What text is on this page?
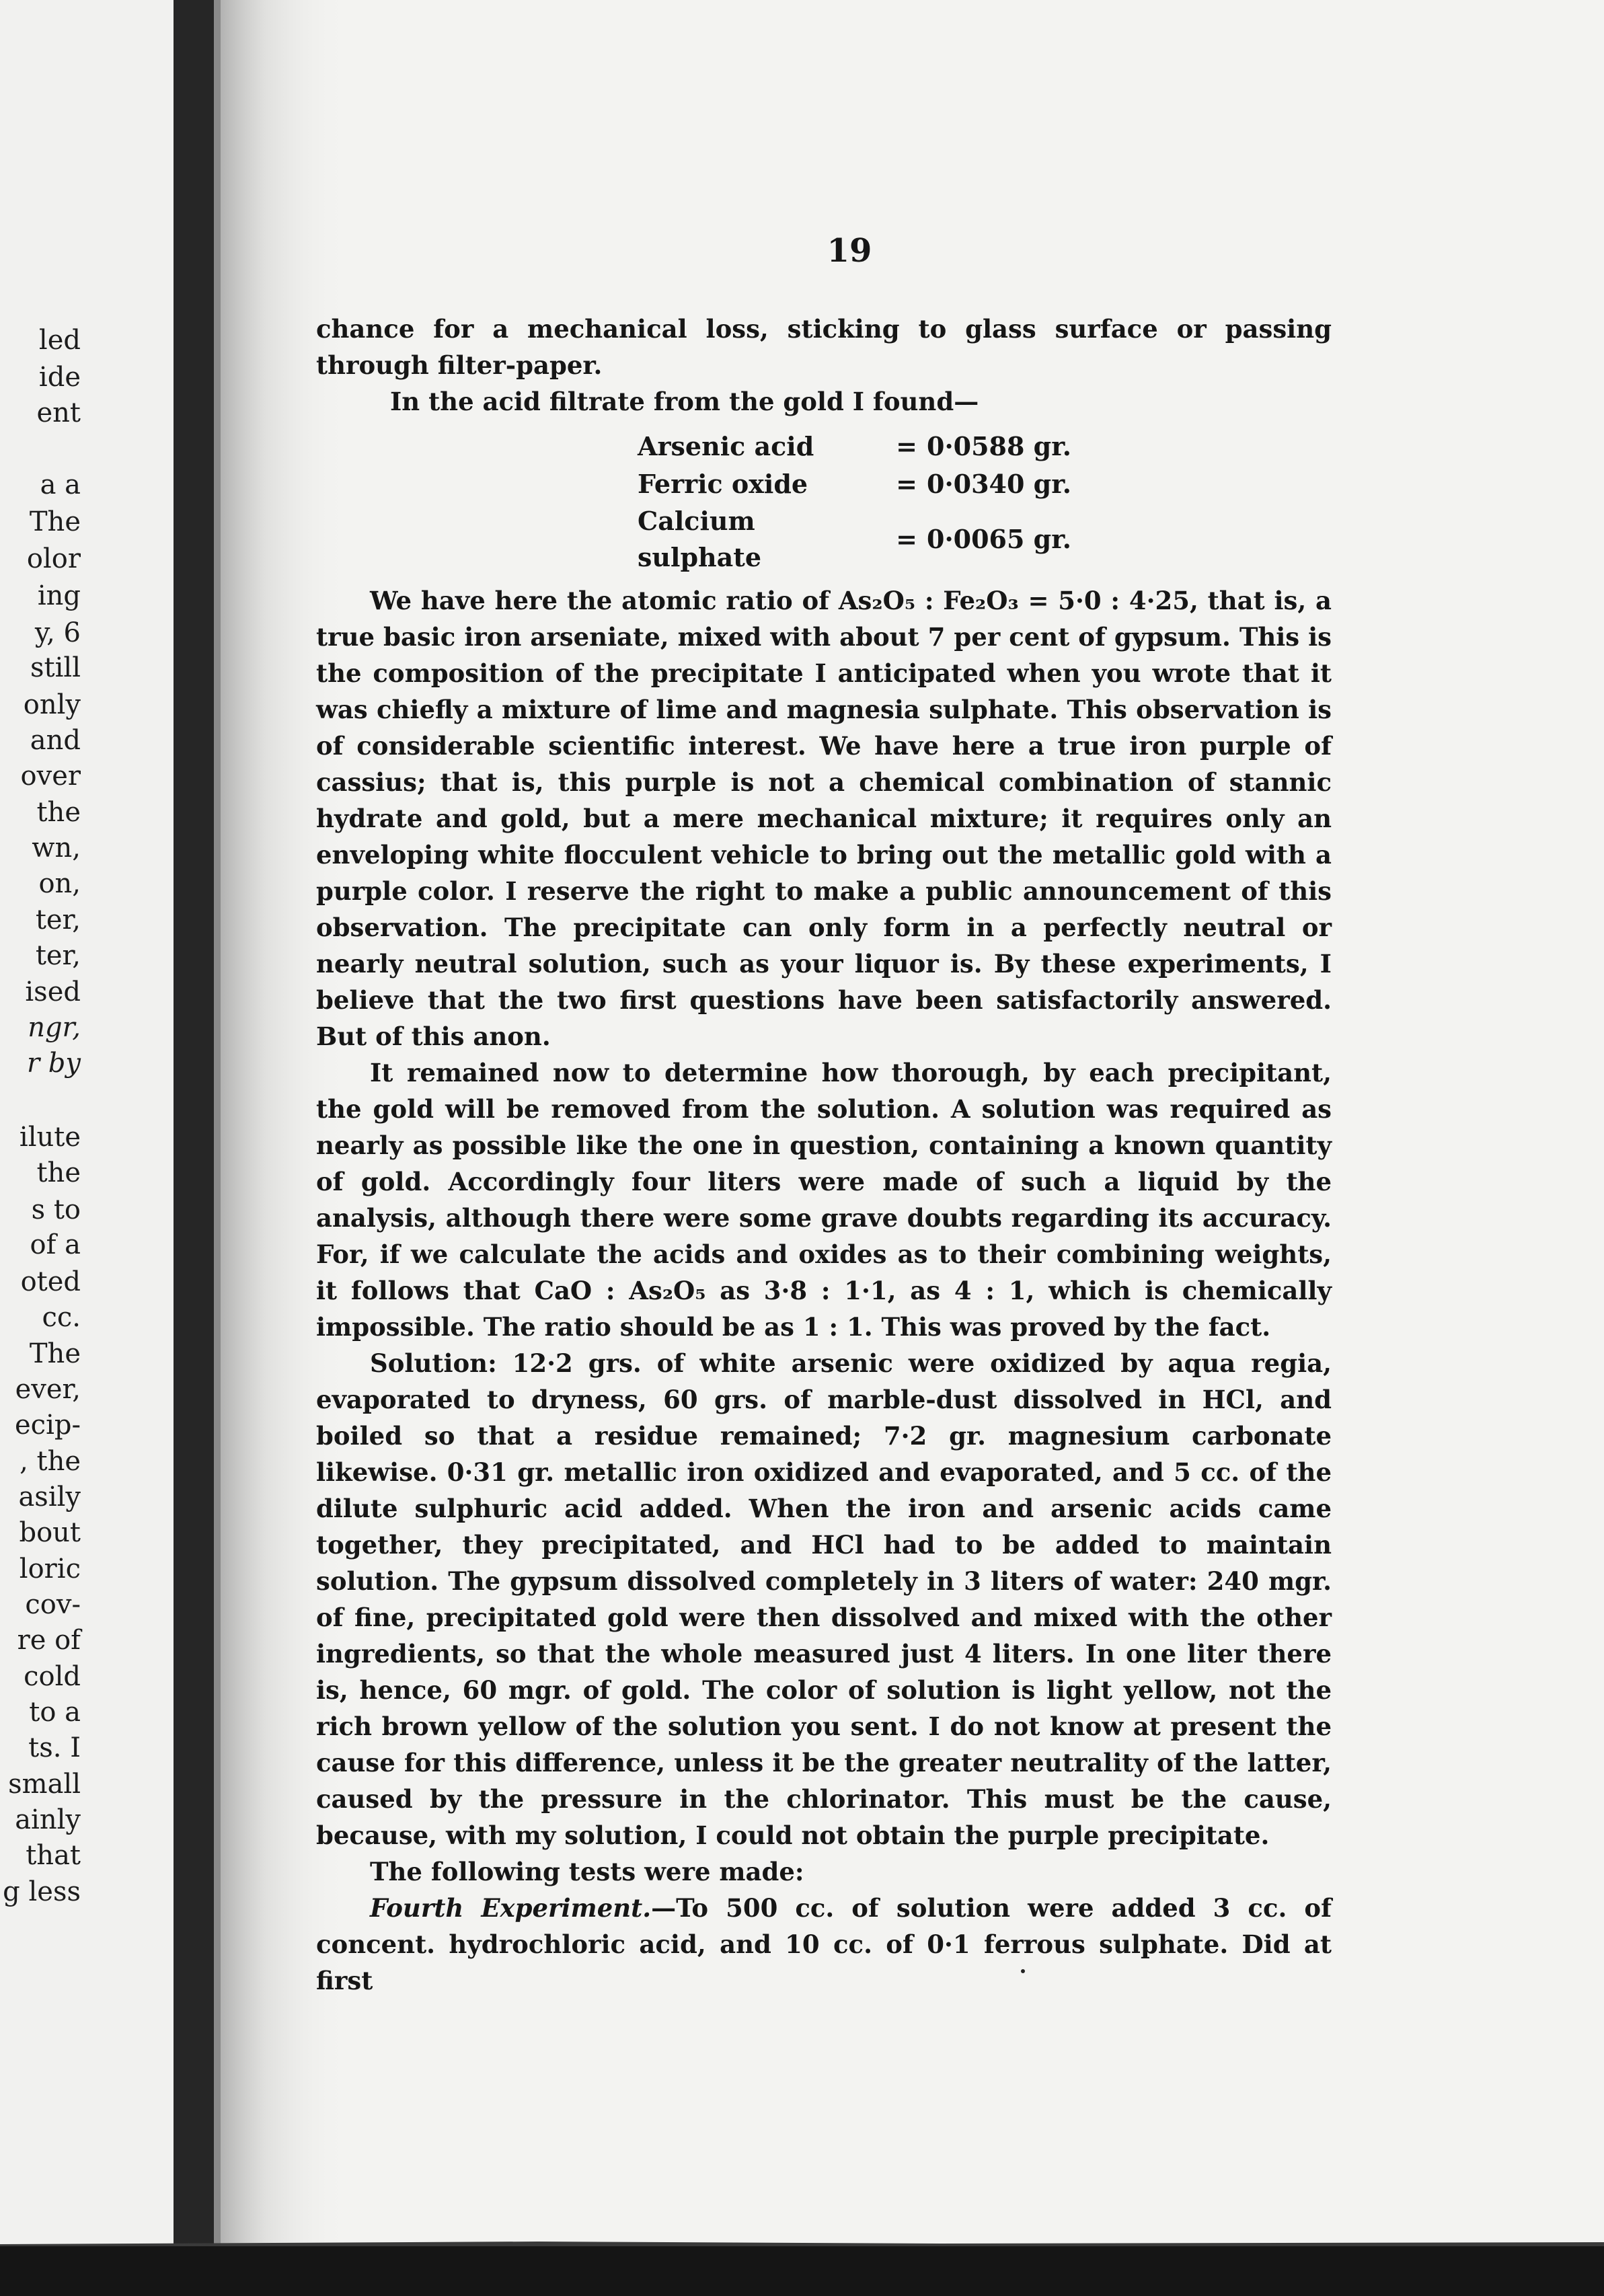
led
ide
ent
a a
The
olor
ing
y, 6
still
only
and
over
the
wn,
on,
ter,
ter,
ised
ngr,
r by
ilute
the
s to
of a
oted
cc.
The
ever,
ecip-
, the
asily
bout
loric
cov-
re of
cold
to a
ts. I
small
ainly
that
g less
19

chance for a mechanical loss, sticking to glass surface or passing through filter-paper.

In the acid filtrate from the gold I found—

Arsenic acid	=	0·0588 gr.
Ferric oxide	=	0·0340 gr.
Calcium sulphate	=	0·0065 gr.

We have here the atomic ratio of As₂O₅ : Fe₂O₃ = 5·0 : 4·25, that is, a true basic iron arseniate, mixed with about 7 per cent of gypsum. This is the composition of the precipitate I anticipated when you wrote that it was chiefly a mixture of lime and magnesia sulphate. This observation is of considerable scientific interest. We have here a true iron purple of cassius; that is, this purple is not a chemical combination of stannic hydrate and gold, but a mere mechanical mixture; it requires only an enveloping white flocculent vehicle to bring out the metallic gold with a purple color. I reserve the right to make a public announcement of this observation. The precipitate can only form in a perfectly neutral or nearly neutral solution, such as your liquor is. By these experiments, I believe that the two first questions have been satisfactorily answered. But of this anon.

It remained now to determine how thorough, by each precipitant, the gold will be removed from the solution. A solution was required as nearly as possible like the one in question, containing a known quantity of gold. Accordingly four liters were made of such a liquid by the analysis, although there were some grave doubts regarding its accuracy. For, if we calculate the acids and oxides as to their combining weights, it follows that CaO : As₂O₅ as 3·8 : 1·1, as 4 : 1, which is chemically impossible. The ratio should be as 1 : 1. This was proved by the fact.

Solution: 12·2 grs. of white arsenic were oxidized by aqua regia, evaporated to dryness, 60 grs. of marble-dust dissolved in HCl, and boiled so that a residue remained; 7·2 gr. magnesium carbonate likewise. 0·31 gr. metallic iron oxidized and evaporated, and 5 cc. of the dilute sulphuric acid added. When the iron and arsenic acids came together, they precipitated, and HCl had to be added to maintain solution. The gypsum dissolved completely in 3 liters of water: 240 mgr. of fine, precipitated gold were then dissolved and mixed with the other ingredients, so that the whole measured just 4 liters. In one liter there is, hence, 60 mgr. of gold. The color of solution is light yellow, not the rich brown yellow of the solution you sent. I do not know at present the cause for this difference, unless it be the greater neutrality of the latter, caused by the pressure in the chlorinator. This must be the cause, because, with my solution, I could not obtain the purple precipitate.

The following tests were made:

Fourth Experiment.—To 500 cc. of solution were added 3 cc. of concent. hydrochloric acid, and 10 cc. of 0·1 ferrous sulphate. Did at first
